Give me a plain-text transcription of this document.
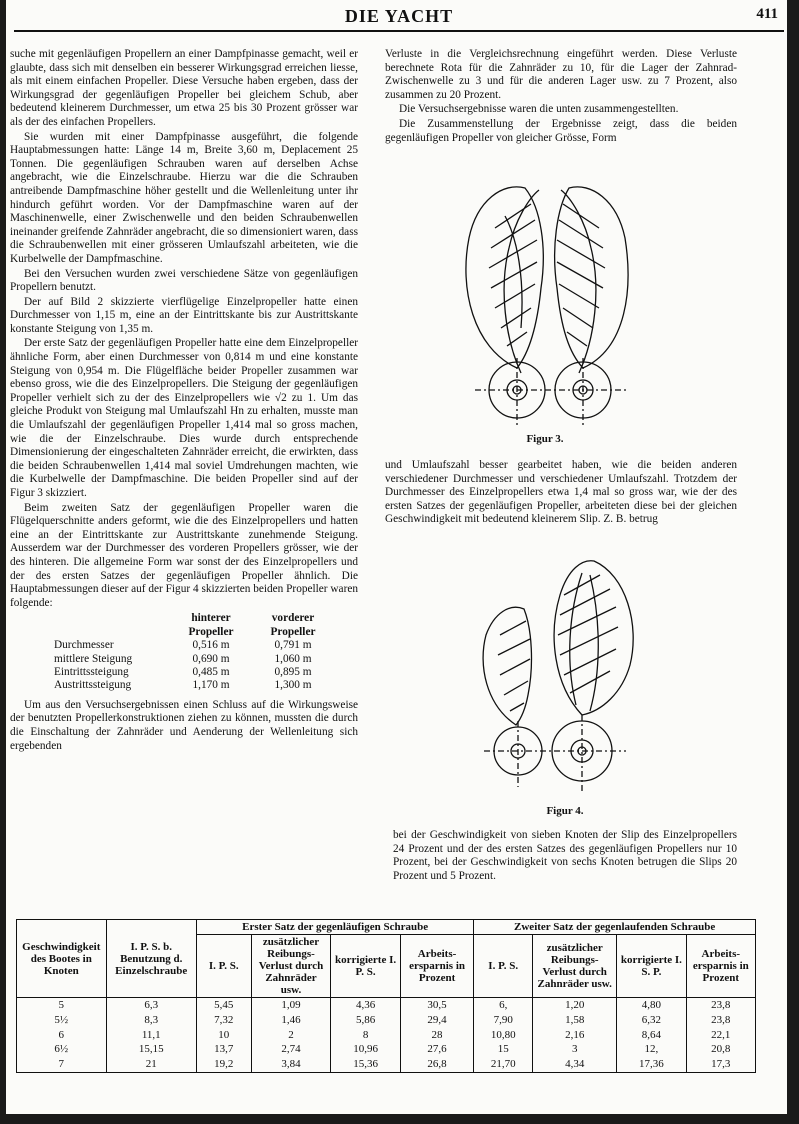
DIE YACHT	411

suche mit gegenläufigen Propellern an einer Dampfpinasse gemacht, weil er glaubte, dass sich mit denselben ein besserer Wirkungsgrad erreichen liesse, als mit einem einfachen Propeller. Diese Versuche haben ergeben, dass der Wirkungsgrad der gegenläufigen Propeller bei gleichem Schub, aber bedeutend kleinerem Durchmesser, um etwa 25 bis 30 Prozent grösser war als der des einfachen Propellers.

Sie wurden mit einer Dampfpinasse ausgeführt, die folgende Hauptabmessungen hatte: Länge 14 m, Breite 3,60 m, Deplacement 25 Tonnen. Die gegenläufigen Schrauben waren auf derselben Achse angebracht, wie die Einzelschraube. Hierzu war die die Schrauben antreibende Dampfmaschine höher gestellt und die Wellenleitung unter ihr hindurch geführt worden. Vor der Dampfmaschine waren auf der Maschinenwelle, einer Zwischenwelle und den beiden Schraubenwellen ineinander greifende Zahnräder angebracht, die so dimensioniert waren, dass die Schraubenwellen mit einer grösseren Umlaufszahl arbeiteten, wie die Kurbelwelle der Dampfmaschine.

Bei den Versuchen wurden zwei verschiedene Sätze von gegenläufigen Propellern benutzt.

Der auf Bild 2 skizzierte vierflügelige Einzelpropeller hatte einen Durchmesser von 1,15 m, eine an der Eintrittskante bis zur Austrittskante konstante Steigung von 1,35 m.

Der erste Satz der gegenläufigen Propeller hatte eine dem Einzelpropeller ähnliche Form, aber einen Durchmesser von 0,814 m und eine konstante Steigung von 0,954 m. Die Flügelfläche beider Propeller zusammen war ebenso gross, wie die des Einzelpropellers. Die Steigung der gegenläufigen Propeller verhielt sich zu der des Einzelpropellers wie √2 zu 1. Um das gleiche Produkt von Steigung mal Umlaufszahl Hn zu erhalten, musste man die Umlaufszahl der gegenläufigen Propeller 1,414 mal so gross machen, wie die der Einzelschraube. Dies wurde durch entsprechende Dimensionierung der eingeschalteten Zahnräder erreicht, die erwirkten, dass die beiden Schraubenwellen 1,414 mal soviel Umdrehungen machten, wie die Kurbelwelle der Dampfmaschine. Die beiden Propeller sind auf der Figur 3 skizziert.

Beim zweiten Satz der gegenläufigen Propeller waren die Flügelquerschnitte anders geformt, wie die des Einzelpropellers und hatten eine an der Eintrittskante zur Austrittskante zunehmende Steigung. Ausserdem war der Durchmesser des vorderen Propellers grösser, wie der des hinteren. Die allgemeine Form war sonst der des Einzelpropellers und der des ersten Satzes der gegenläufigen Propeller ähnlich. Die Hauptabmessungen dieser auf der Figur 4 skizzierten beiden Propeller waren folgende:

	hinterer Propeller	vorderer Propeller
Durchmesser	0,516 m	0,791 m
mittlere Steigung	0,690 m	1,060 m
Eintrittssteigung	0,485 m	0,895 m
Austrittssteigung	1,170 m	1,300 m

Um aus den Versuchsergebnissen einen Schluss auf die Wirkungsweise der benutzten Propellerkonstruktionen ziehen zu können, mussten die durch die Einschaltung der Zahnräder und Aenderung der Wellenleitung sich ergebenden

Verluste in die Vergleichsrechnung eingeführt werden. Diese Verluste berechnete Rota für die Zahnräder zu 10, für die Lager der Zahnrad-Zwischenwelle zu 3 und für die anderen Lager usw. zu 7 Prozent, also zusammen zu 20 Prozent.

Die Versuchsergebnisse waren die unten zusammengestellten.

Die Zusammenstellung der Ergebnisse zeigt, dass die beiden gegenläufigen Propeller von gleicher Grösse, Form

Figur 3.

und Umlaufszahl besser gearbeitet haben, wie die beiden anderen verschiedener Durchmesser und verschiedener Umlaufszahl. Trotzdem der Durchmesser des Einzelpropellers etwa 1,4 mal so gross war, wie der des ersten Satzes der gegenläufigen Propeller, arbeiteten diese bei der gleichen Geschwindigkeit mit bedeutend kleinerem Slip. Z. B. betrug

Figur 4.

bei der Geschwindigkeit von sieben Knoten der Slip des Einzelpropellers 24 Prozent und der des ersten Satzes des gegenläufigen Propellers nur 10 Prozent, bei der Geschwindigkeit von sechs Knoten betrugen die Slips 20 Prozent und 5 Prozent.

Geschwindigkeit des Bootes in Knoten	I. P. S. b. Benutzung d. Einzelschraube	Erster Satz der gegenläufigen Schraube				Zweiter Satz der gegenlaufenden Schraube			
		I. P. S.	zusätzlicher Reibungs-Verlust durch Zahnräder usw.	korrigierte I. P. S.	Arbeits-ersparnis in Prozent	I. P. S.	zusätzlicher Reibungs-Verlust durch Zahnräder usw.	korrigierte I. S. P.	Arbeits-ersparnis in Prozent
5	6,3	5,45	1,09	4,36	30,5	6,	1,20	4,80	23,8
5½	8,3	7,32	1,46	5,86	29,4	7,90	1,58	6,32	23,8
6	11,1	10	2	8	28	10,80	2,16	8,64	22,1
6½	15,15	13,7	2,74	10,96	27,6	15	3	12,	20,8
7	21	19,2	3,84	15,36	26,8	21,70	4,34	17,36	17,3
